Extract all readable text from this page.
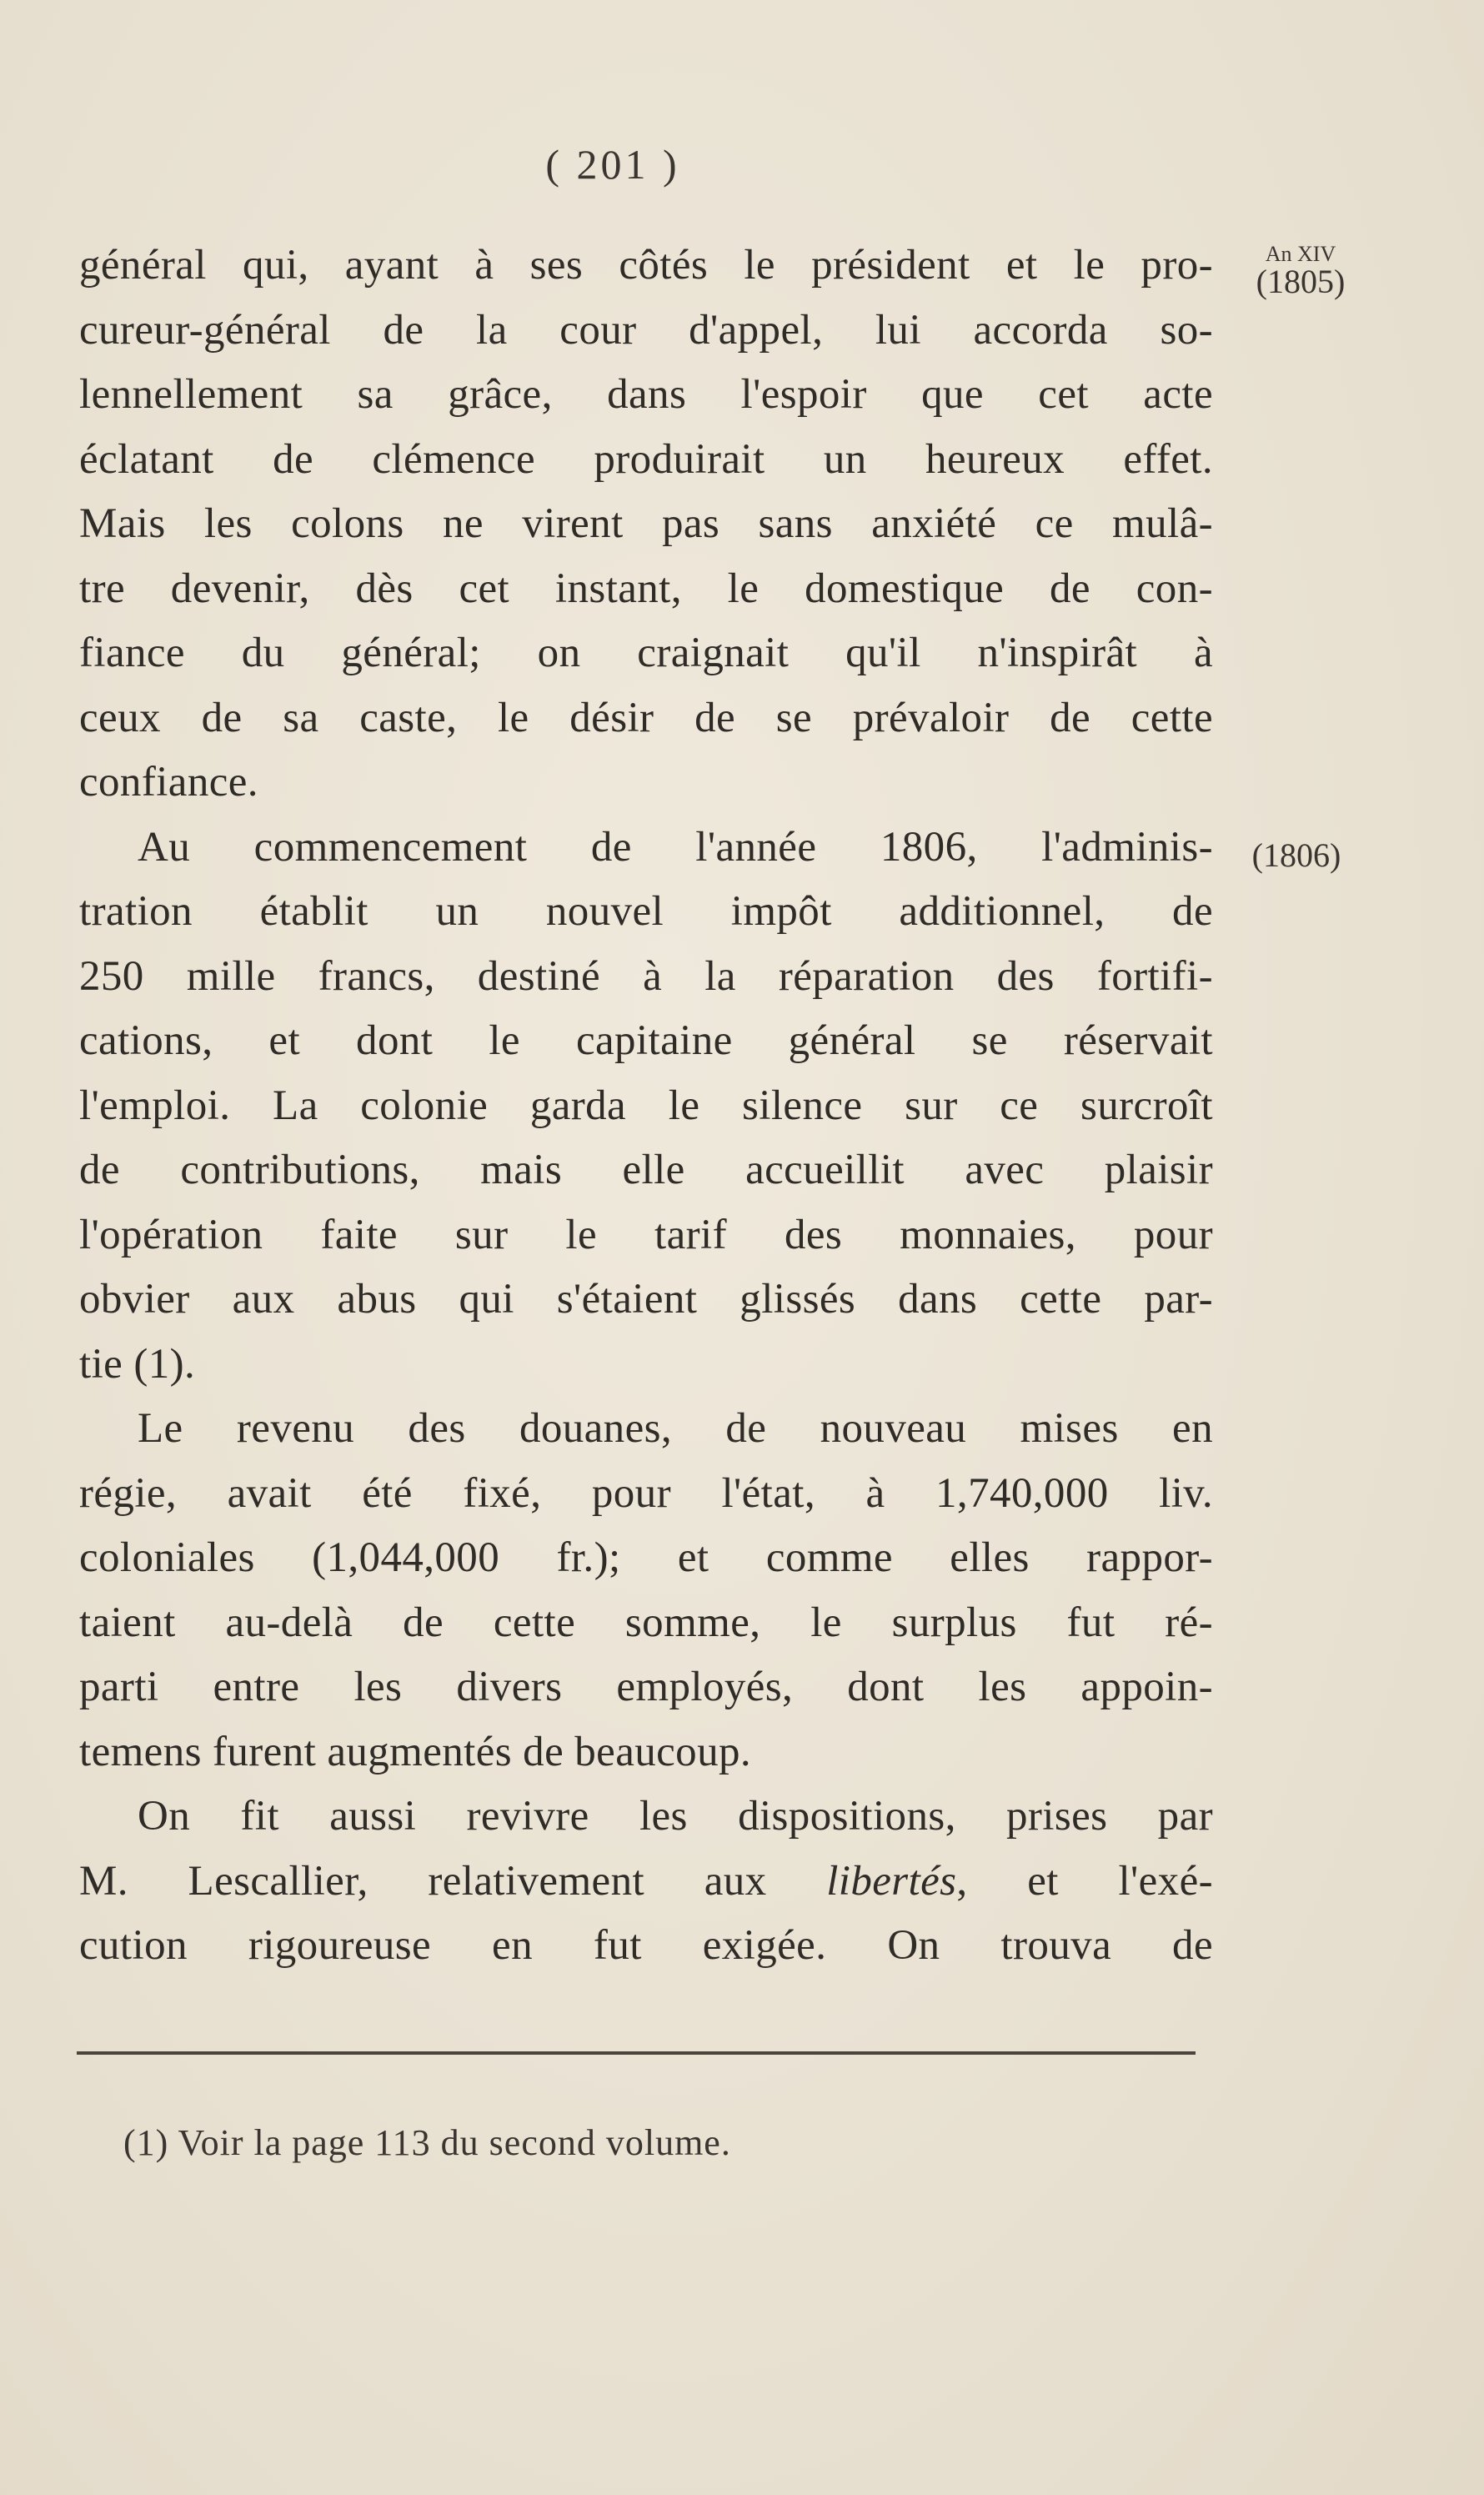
( 201 )
An XIV
(1805)
(1806)
général qui, ayant à ses côtés le président et le pro-
cureur-général de la cour d'appel, lui accorda so-
lennellement sa grâce, dans l'espoir que cet acte
éclatant de clémence produirait un heureux effet.
Mais les colons ne virent pas sans anxiété ce mulâ-
tre devenir, dès cet instant, le domestique de con-
fiance du général; on craignait qu'il n'inspirât à
ceux de sa caste, le désir de se prévaloir de cette
confiance.
Au commencement de l'année 1806, l'adminis-
tration établit un nouvel impôt additionnel, de
250 mille francs, destiné à la réparation des fortifi-
cations, et dont le capitaine général se réservait
l'emploi. La colonie garda le silence sur ce surcroît
de contributions, mais elle accueillit avec plaisir
l'opération faite sur le tarif des monnaies, pour
obvier aux abus qui s'étaient glissés dans cette par-
tie (1).
Le revenu des douanes, de nouveau mises en
régie, avait été fixé, pour l'état, à 1,740,000 liv.
coloniales (1,044,000 fr.); et comme elles rappor-
taient au-delà de cette somme, le surplus fut ré-
parti entre les divers employés, dont les appoin-
temens furent augmentés de beaucoup.
On fit aussi revivre les dispositions, prises par
M. Lescallier, relativement aux libertés, et l'exé-
cution rigoureuse en fut exigée. On trouva de
(1) Voir la page 113 du second volume.
